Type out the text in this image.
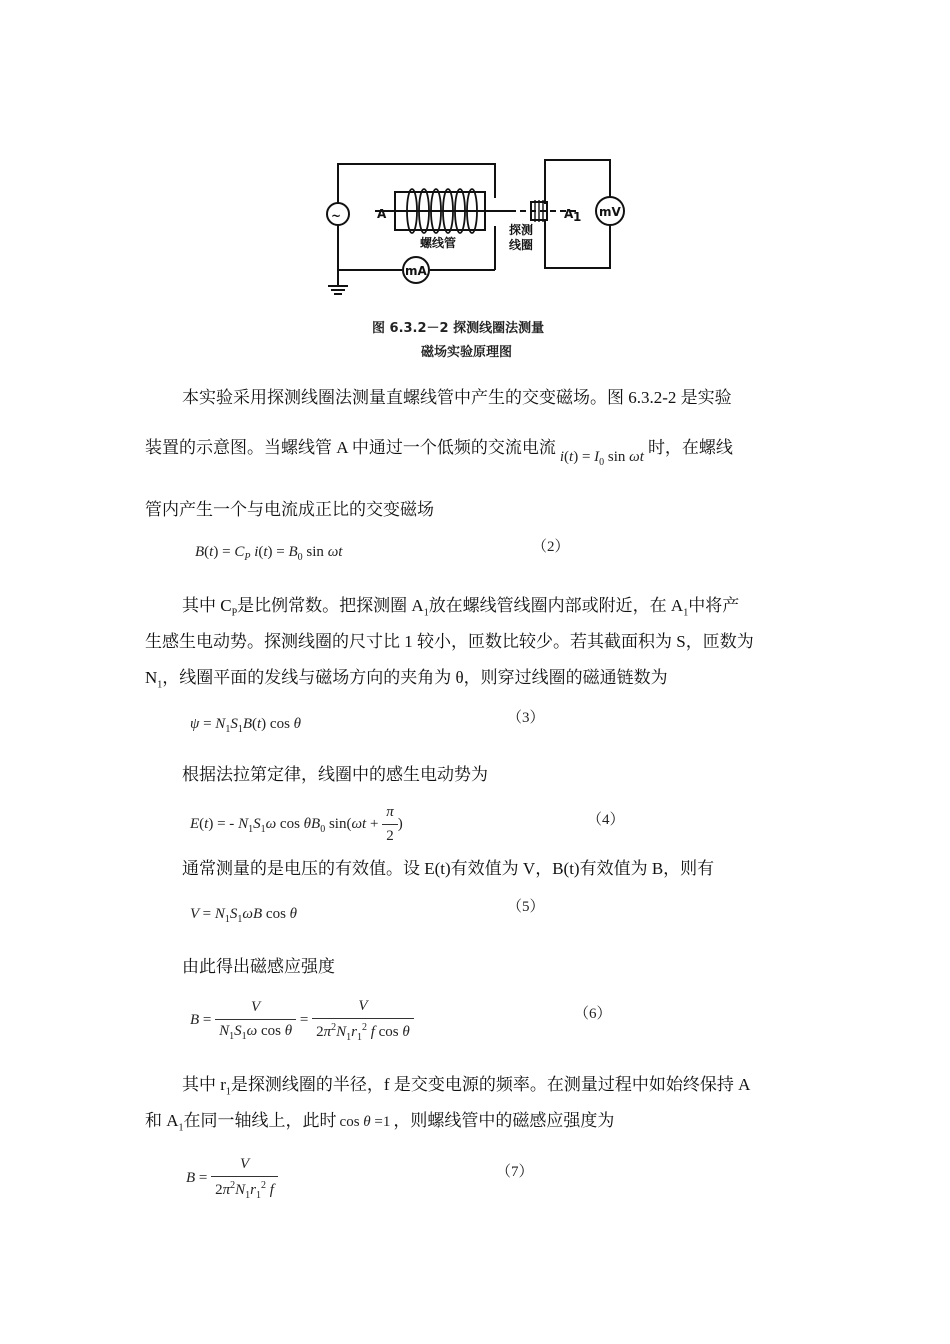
~
mA
mV
A	A 1
螺线管
探测
线圈
图 6.3.2－2 探测线圈法测量
磁场实验原理图
本实验采用探测线圈法测量直螺线管中产生的交变磁场。图 6.3.2-2 是实验
装置的示意图。当螺线管 A 中通过一个低频的交流电流 $i(t) = I_0$ sin ωt 时，在螺线
管内产生一个与电流成正比的交变磁场
$B(t) = C_P$ $i(t) = B_0$ sin ωt	（2）
其中 $C_P$是比例常数。把探测圈 $A_1$放在螺线管线圈内部或附近，在 $A_1$中将产
生感生电动势。探测线圈的尺寸比 1 较小，匝数比较少。若其截面积为 S，匝数为
$N_1$，线圈平面的发线与磁场方向的夹角为 θ，则穿过线圈的磁通链数为
$\psi = N_1S_1B(t)$ cos θ	（3）
根据法拉第定律，线圈中的感生电动势为
E(t) = - $N_1S_1\omega$ $\cos \theta B_0$ $\sin(\omega t + \frac{\pi}{2}$ )	（4）
通常测量的是电压的有效值。设 E(t)有效值为 V，B(t)有效值为 B，则有
$V = N_1S_1\omega B$ cos θ	（5）
由此得出磁感应强度
$B = \frac{V}{N_1S_1\omega \cos \theta} = \frac{V}{2\pi^2N_1r_1^2 f \cos \theta}$	（6）
其中 $r_1$是探测线圈的半径，f 是交变电源的频率。在测量过程中如始终保持 A
和 $A_1$在同一轴线上，此时 cos θ =1 ，则螺线管中的磁感应强度为
$B = \frac{V}{2\pi^2N_1r_1^2 f}$	（7）
